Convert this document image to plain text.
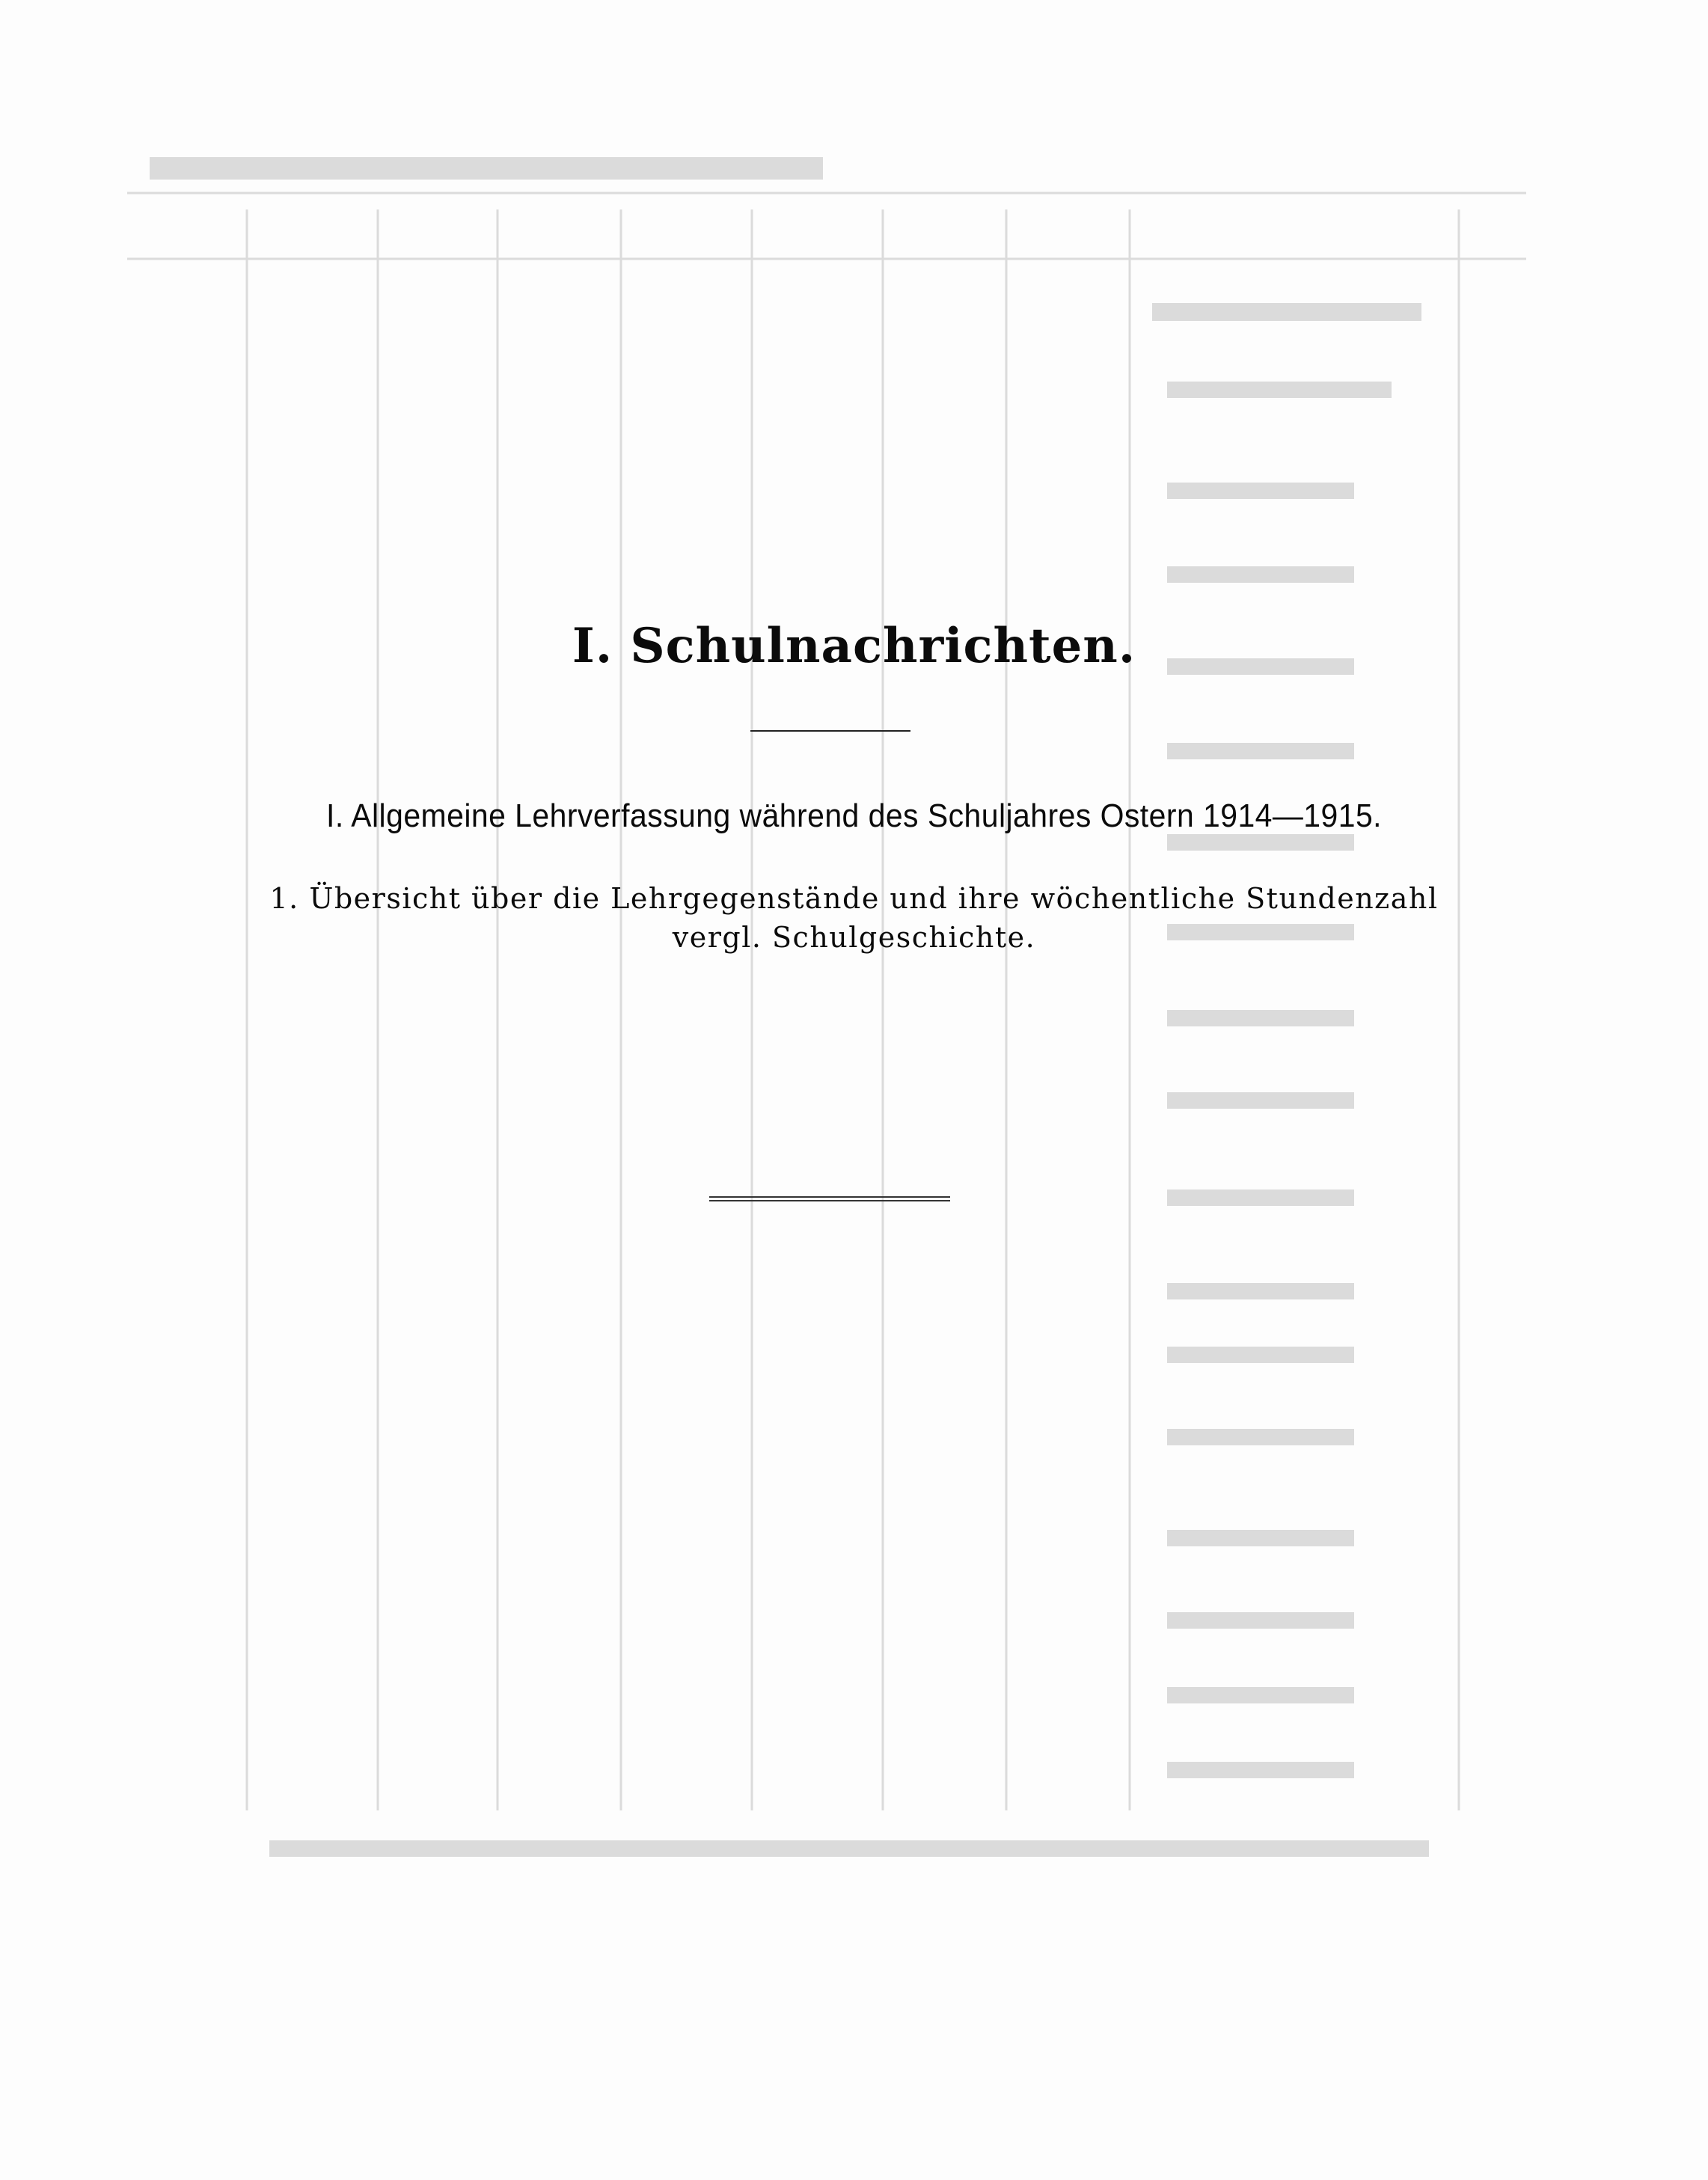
I. Schulnachrichten.
I. Allgemeine Lehrverfassung während des Schuljahres Ostern 1914—1915.
1. Übersicht über die Lehrgegenstände und ihre wöchentliche Stundenzahl
vergl. Schulgeschichte.
